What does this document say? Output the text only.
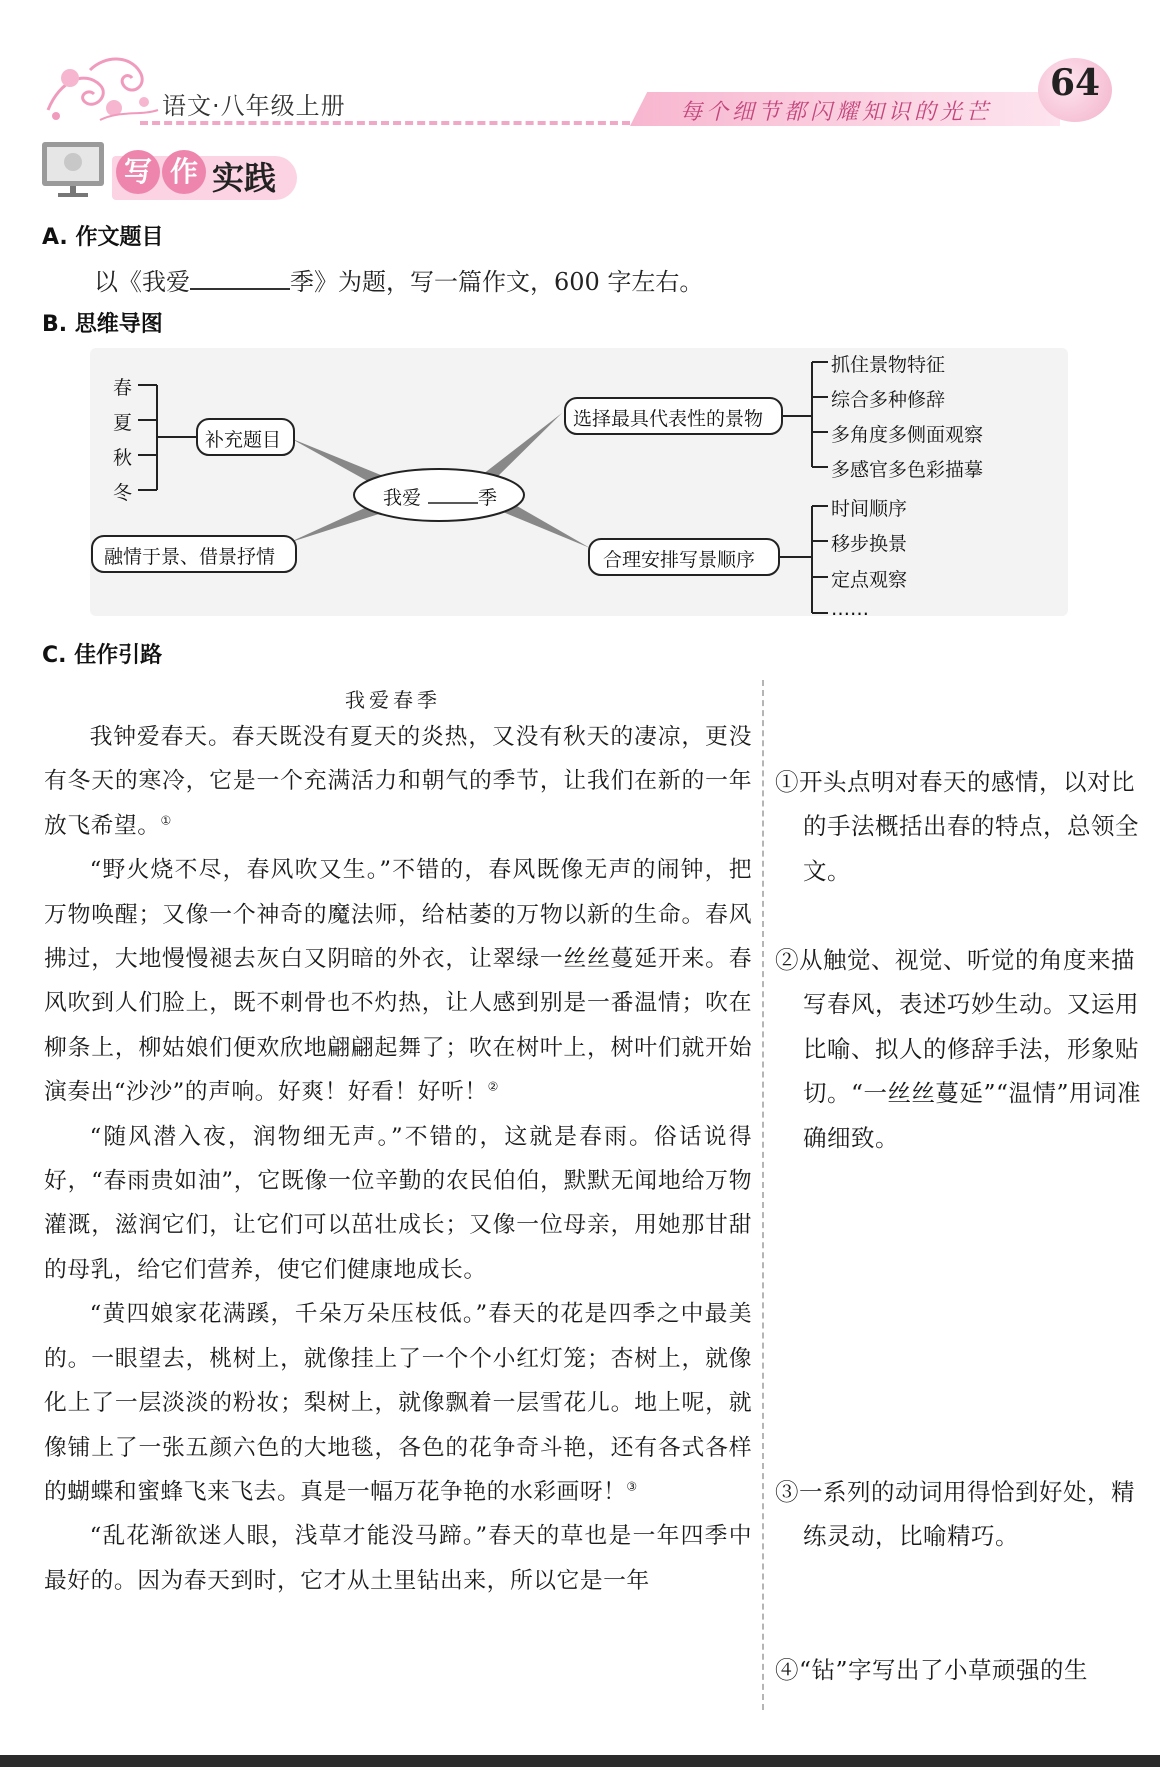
语文·八年级上册	每个细节都闪耀知识的光芒
64
写 作 实践
A. 作文题目
以《我爱	季》为题，写一篇作文，600 字左右。
B. 思维导图
春
夏
秋
冬
补充题目
融情于景、借景抒情
我爱	季
选择最具代表性的景物
合理安排写景顺序
抓住景物特征
综合多种修辞
多角度多侧面观察
多感官多色彩描摹
时间顺序
移步换景
定点观察
……
C. 佳作引路
我爱春季

我钟爱春天。春天既没有夏天的炎热，又没有秋天的凄凉，更没有冬天的寒冷，它是一个充满活力和朝气的季节，让我们在新的一年放飞希望。①

“野火烧不尽，春风吹又生。”不错的，春风既像无声的闹钟，把万物唤醒；又像一个神奇的魔法师，给枯萎的万物以新的生命。春风拂过，大地慢慢褪去灰白又阴暗的外衣，让翠绿一丝丝蔓延开来。春风吹到人们脸上，既不刺骨也不灼热，让人感到别是一番温情；吹在柳条上，柳姑娘们便欢欣地翩翩起舞了；吹在树叶上，树叶们就开始演奏出“沙沙”的声响。好爽！好看！好听！②

“随风潜入夜，润物细无声。”不错的，这就是春雨。俗话说得好，“春雨贵如油”，它既像一位辛勤的农民伯伯，默默无闻地给万物灌溉，滋润它们，让它们可以茁壮成长；又像一位母亲，用她那甘甜的母乳，给它们营养，使它们健康地成长。

“黄四娘家花满蹊，千朵万朵压枝低。”春天的花是四季之中最美的。一眼望去，桃树上，就像挂上了一个个小红灯笼；杏树上，就像化上了一层淡淡的粉妆；梨树上，就像飘着一层雪花儿。地上呢，就像铺上了一张五颜六色的大地毯，各色的花争奇斗艳，还有各式各样的蝴蝶和蜜蜂飞来飞去。真是一幅万花争艳的水彩画呀！③

“乱花渐欲迷人眼，浅草才能没马蹄。”春天的草也是一年四季中最好的。因为春天到时，它才从土里钻出来，所以它是一年

①开头点明对春天的感情，以对比的手法概括出春的特点，总领全文。
②从触觉、视觉、听觉的角度来描写春风，表述巧妙生动。又运用比喻、拟人的修辞手法，形象贴切。“一丝丝蔓延”“温情”用词准确细致。
③一系列的动词用得恰到好处，精练灵动，比喻精巧。
④“钻”字写出了小草顽强的生
